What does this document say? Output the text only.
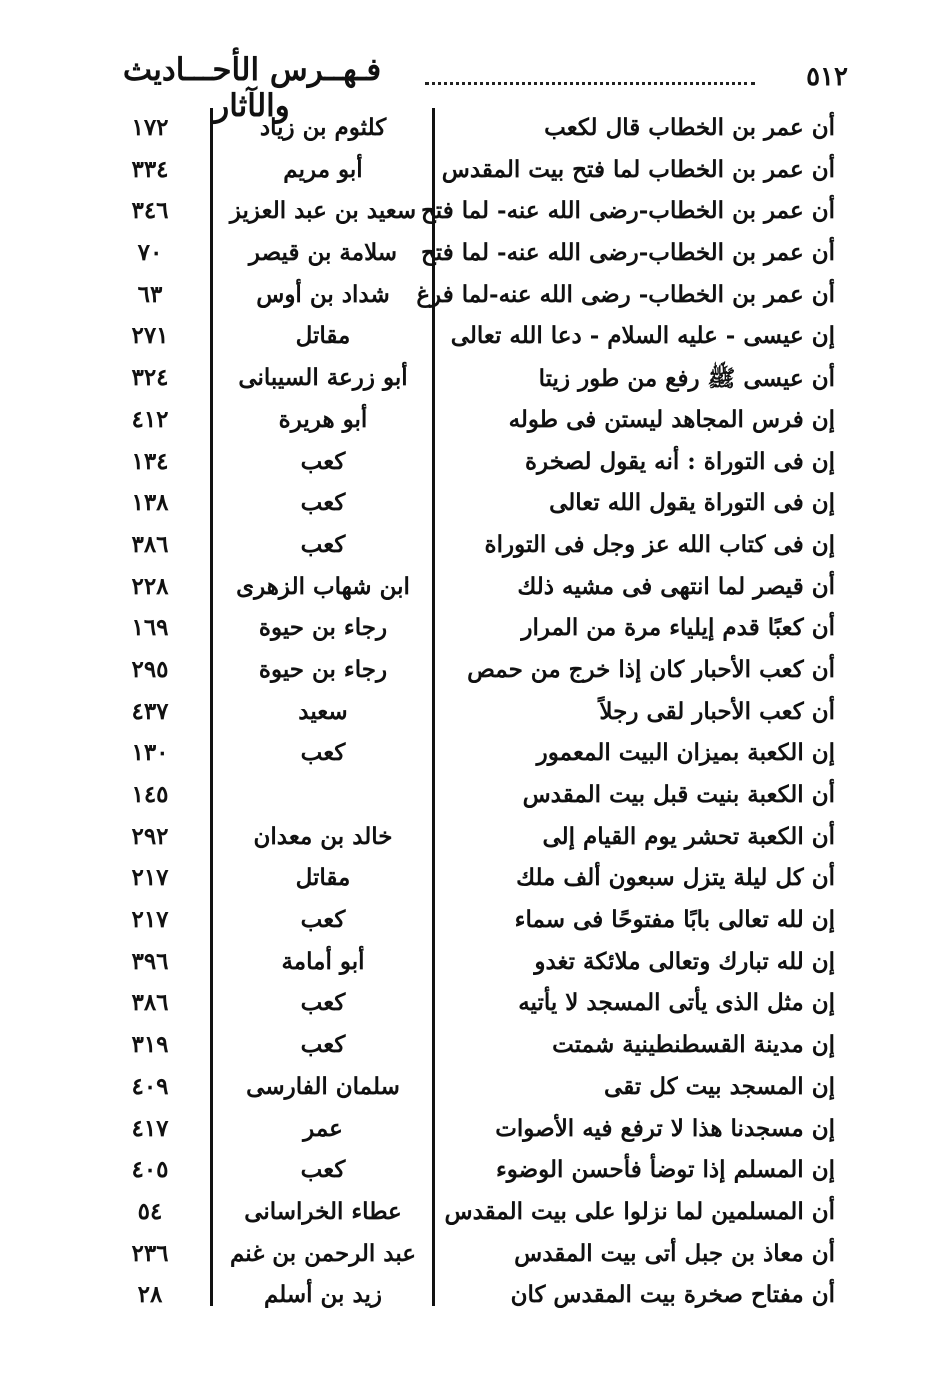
٥١٢
فـهــرس الأحـــاديث والآثار
أن عمر بن الخطاب قال لكعب
كلثوم بن زياد
١٧٢
أن عمر بن الخطاب لما فتح بيت المقدس
أبو مريم
٣٣٤
أن عمر بن الخطاب-رضى الله عنه- لما فتح
سعيد بن عبد العزيز
٣٤٦
أن عمر بن الخطاب-رضى الله عنه- لما فتح
سلامة بن قيصر
٧٠
أن عمر بن الخطاب- رضى الله عنه-لما فرغ
شداد بن أوس
٦٣
إن عيسى - عليه السلام - دعا الله تعالى
مقاتل
٢٧١
أن عيسى ﷺ رفع من طور زيتا
أبو زرعة السيبانى
٣٢٤
إن فرس المجاهد ليستن فى طوله
أبو هريرة
٤١٢
إن فى التوراة : أنه يقول لصخرة
كعب
١٣٤
إن فى التوراة يقول الله تعالى
كعب
١٣٨
إن فى كتاب الله عز وجل فى التوراة
كعب
٣٨٦
أن قيصر لما انتهى فى مشيه ذلك
ابن شهاب الزهرى
٢٢٨
أن كعبًا قدم إيلياء مرة من المرار
رجاء بن حيوة
١٦٩
أن كعب الأحبار كان إذا خرج من حمص
رجاء بن حيوة
٢٩٥
أن كعب الأحبار لقى رجلاً
سعيد
٤٣٧
إن الكعبة بميزان البيت المعمور
كعب
١٣٠
أن الكعبة بنيت قبل بيت المقدس
١٤٥
أن الكعبة تحشر يوم القيام إلى
خالد بن معدان
٢٩٢
أن كل ليلة يتزل سبعون ألف ملك
مقاتل
٢١٧
إن لله تعالى بابًا مفتوحًا فى سماء
كعب
٢١٧
إن لله تبارك وتعالى ملائكة تغدو
أبو أمامة
٣٩٦
إن مثل الذى يأتى المسجد لا يأتيه
كعب
٣٨٦
إن مدينة القسطنطينية شمتت
كعب
٣١٩
إن المسجد بيت كل تقى
سلمان الفارسى
٤٠٩
إن مسجدنا هذا لا ترفع فيه الأصوات
عمر
٤١٧
إن المسلم إذا توضأ فأحسن الوضوء
كعب
٤٠٥
أن المسلمين لما نزلوا على بيت المقدس
عطاء الخراسانى
٥٤
أن معاذ بن جبل أتى بيت المقدس
عبد الرحمن بن غنم
٢٣٦
أن مفتاح صخرة بيت المقدس كان
زيد بن أسلم
٢٨
